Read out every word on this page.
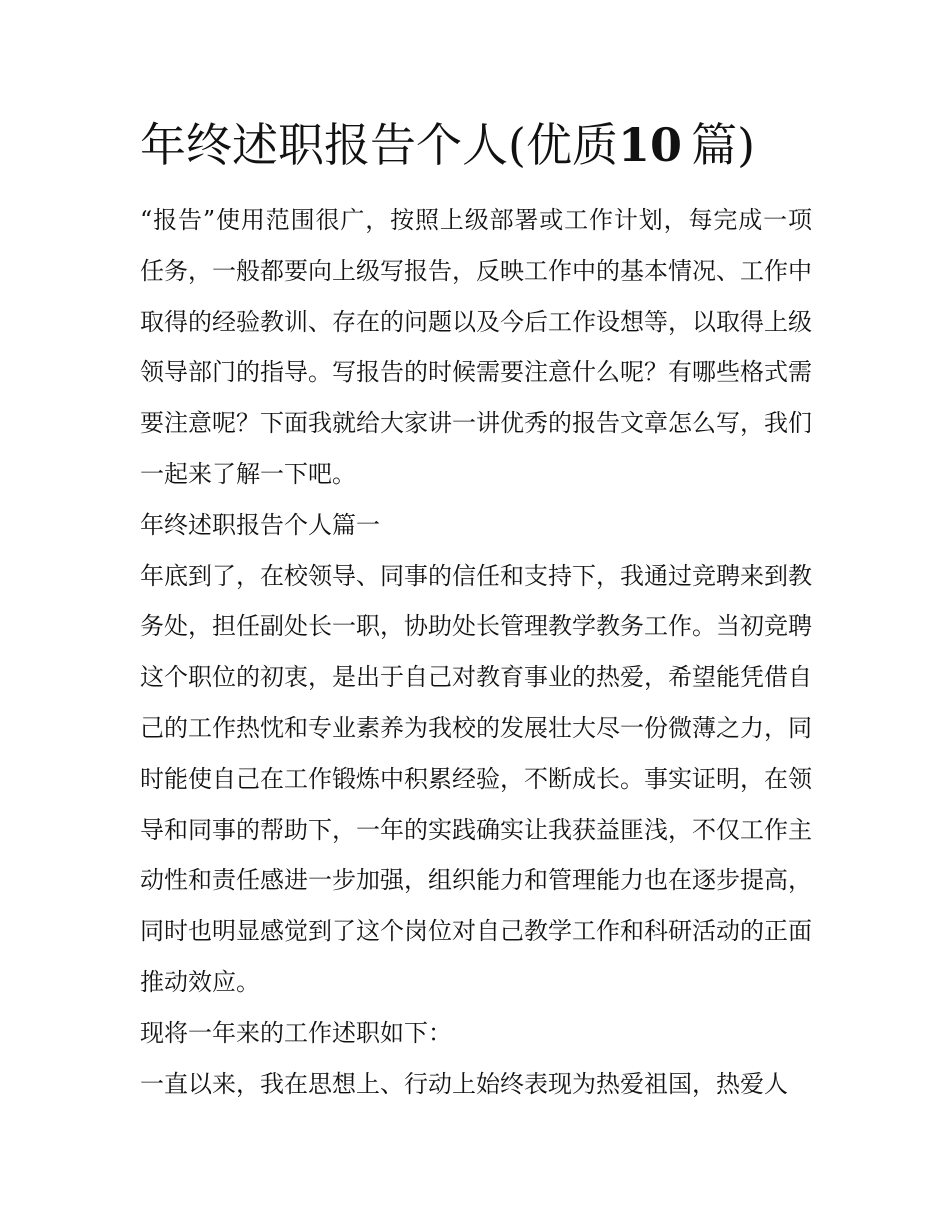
年终述职报告个人(优质10  篇)

“报告”使用范围很广，按照上级部署或工作计划，每完成一项任务，一般都要向上级写报告，反映工作中的基本情况、工作中取得的经验教训、存在的问题以及今后工作设想等，以取得上级领导部门的指导。写报告的时候需要注意什么呢？有哪些格式需要注意呢？下面我就给大家讲一讲优秀的报告文章怎么写，我们一起来了解一下吧。

年终述职报告个人篇一

年底到了，在校领导、同事的信任和支持下，我通过竞聘来到教务处，担任副处长一职，协助处长管理教学教务工作。当初竞聘这个职位的初衷，是出于自己对教育事业的热爱，希望能凭借自己的工作热忱和专业素养为我校的发展壮大尽一份微薄之力，同时能使自己在工作锻炼中积累经验，不断成长。事实证明，在领导和同事的帮助下，一年的实践确实让我获益匪浅，不仅工作主动性和责任感进一步加强，组织能力和管理能力也在逐步提高，同时也明显感觉到了这个岗位对自己教学工作和科研活动的正面推动效应。

现将一年来的工作述职如下：

一直以来，我在思想上、行动上始终表现为热爱祖国，热爱人
